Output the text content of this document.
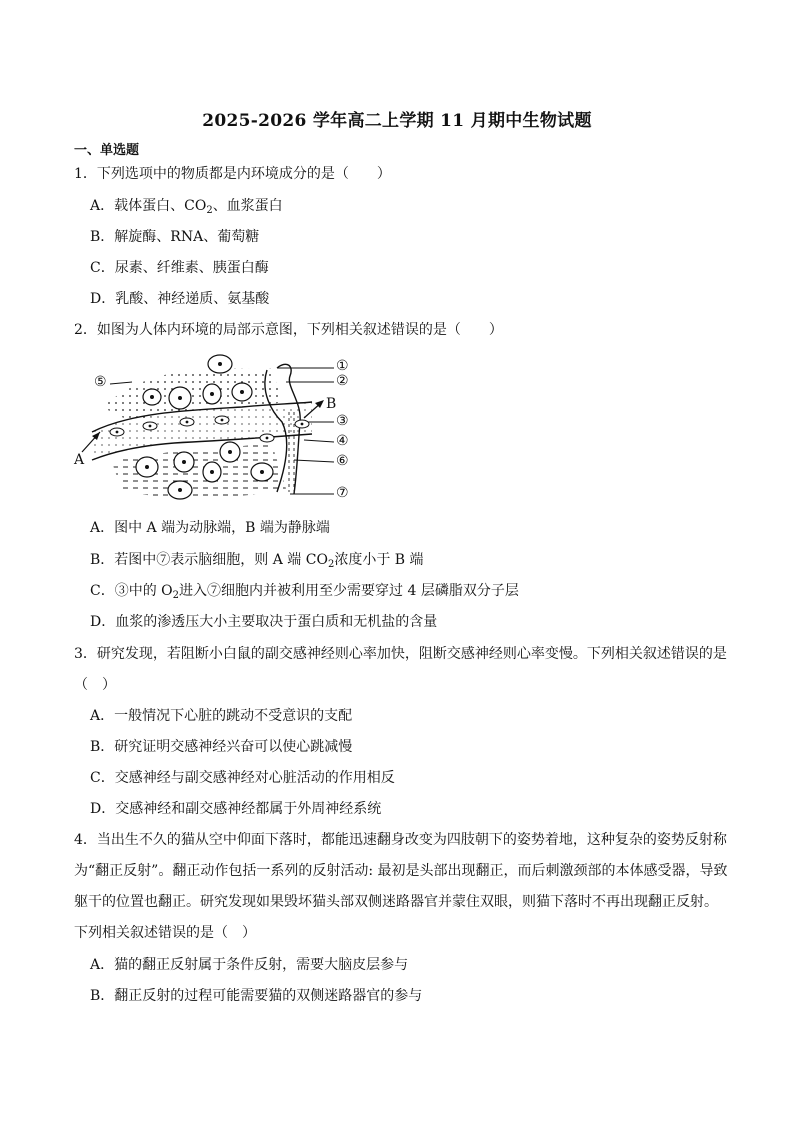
2025-2026 学年高二上学期 11 月期中生物试题
一、单选题
1．下列选项中的物质都是内环境成分的是（　　）
A．载体蛋白、$CO_2$、血浆蛋白
B．解旋酶、RNA、葡萄糖
C．尿素、纤维素、胰蛋白酶
D．乳酸、神经递质、氨基酸
2．如图为人体内环境的局部示意图，下列相关叙述错误的是（　　）
①
②
B
③
④
⑥
⑦
⑤
A
A．图中 A 端为动脉端，B 端为静脉端
B．若图中⑦表示脑细胞，则 A 端 $CO_2$浓度小于 B 端
C．③中的 $O_2$进入⑦细胞内并被利用至少需要穿过 4 层磷脂双分子层
D．血浆的渗透压大小主要取决于蛋白质和无机盐的含量
3．研究发现，若阻断小白鼠的副交感神经则心率加快，阻断交感神经则心率变慢。下列相关叙述错误的是
（　）
A．一般情况下心脏的跳动不受意识的支配
B．研究证明交感神经兴奋可以使心跳减慢
C．交感神经与副交感神经对心脏活动的作用相反
D．交感神经和副交感神经都属于外周神经系统
4．当出生不久的猫从空中仰面下落时，都能迅速翻身改变为四肢朝下的姿势着地，这种复杂的姿势反射称
为“翻正反射”。翻正动作包括一系列的反射活动: 最初是头部出现翻正，而后刺激颈部的本体感受器，导致
躯干的位置也翻正。研究发现如果毁坏猫头部双侧迷路器官并蒙住双眼，则猫下落时不再出现翻正反射。
下列相关叙述错误的是（　）
A．猫的翻正反射属于条件反射，需要大脑皮层参与
B．翻正反射的过程可能需要猫的双侧迷路器官的参与
